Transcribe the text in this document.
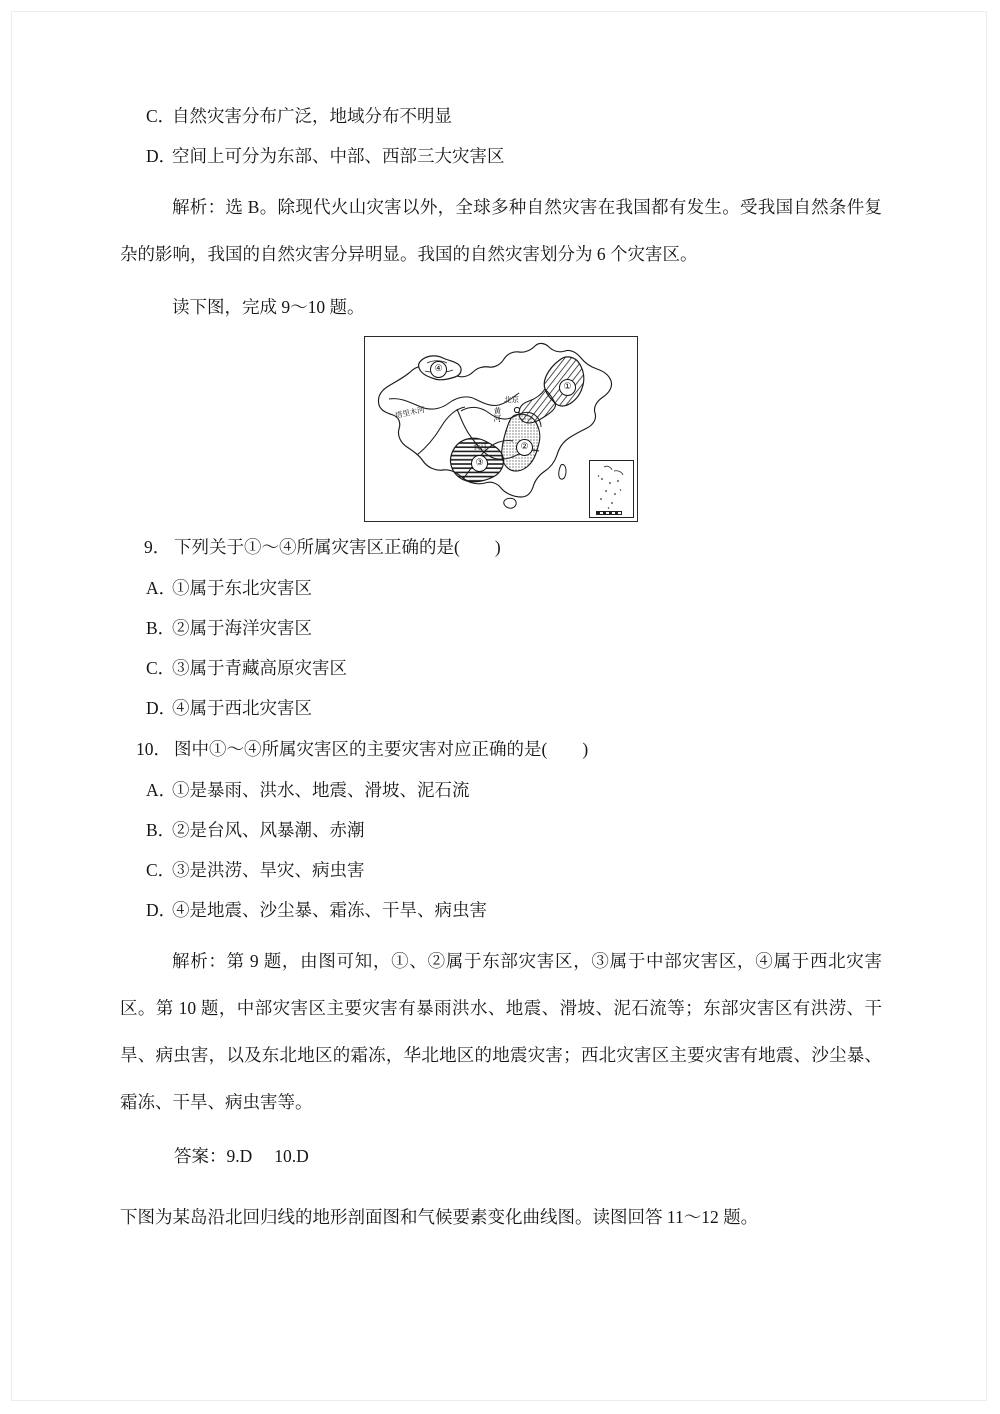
C．自然灾害分布广泛，地域分布不明显
D．空间上可分为东部、中部、西部三大灾害区
解析：选 B。除现代火山灾害以外，全球多种自然灾害在我国都有发生。受我国自然条件复杂的影响，我国的自然灾害分异明显。我国的自然灾害划分为 6 个灾害区。
读下图，完成 9～10 题。
塔里木河
北京
黄河
长江
④
①
②
③
9． 下列关于①～④所属灾害区正确的是(　　)
A．①属于东北灾害区
B．②属于海洋灾害区
C．③属于青藏高原灾害区
D．④属于西北灾害区
10． 图中①～④所属灾害区的主要灾害对应正确的是(　　)
A．①是暴雨、洪水、地震、滑坡、泥石流
B．②是台风、风暴潮、赤潮
C．③是洪涝、旱灾、病虫害
D．④是地震、沙尘暴、霜冻、干旱、病虫害
解析：第 9 题，由图可知，①、②属于东部灾害区，③属于中部灾害区，④属于西北灾害区。第 10 题，中部灾害区主要灾害有暴雨洪水、地震、滑坡、泥石流等；东部灾害区有洪涝、干旱、病虫害，以及东北地区的霜冻，华北地区的地震灾害；西北灾害区主要灾害有地震、沙尘暴、霜冻、干旱、病虫害等。
答案：9.D 10.D
下图为某岛沿北回归线的地形剖面图和气候要素变化曲线图。读图回答 11～12 题。
